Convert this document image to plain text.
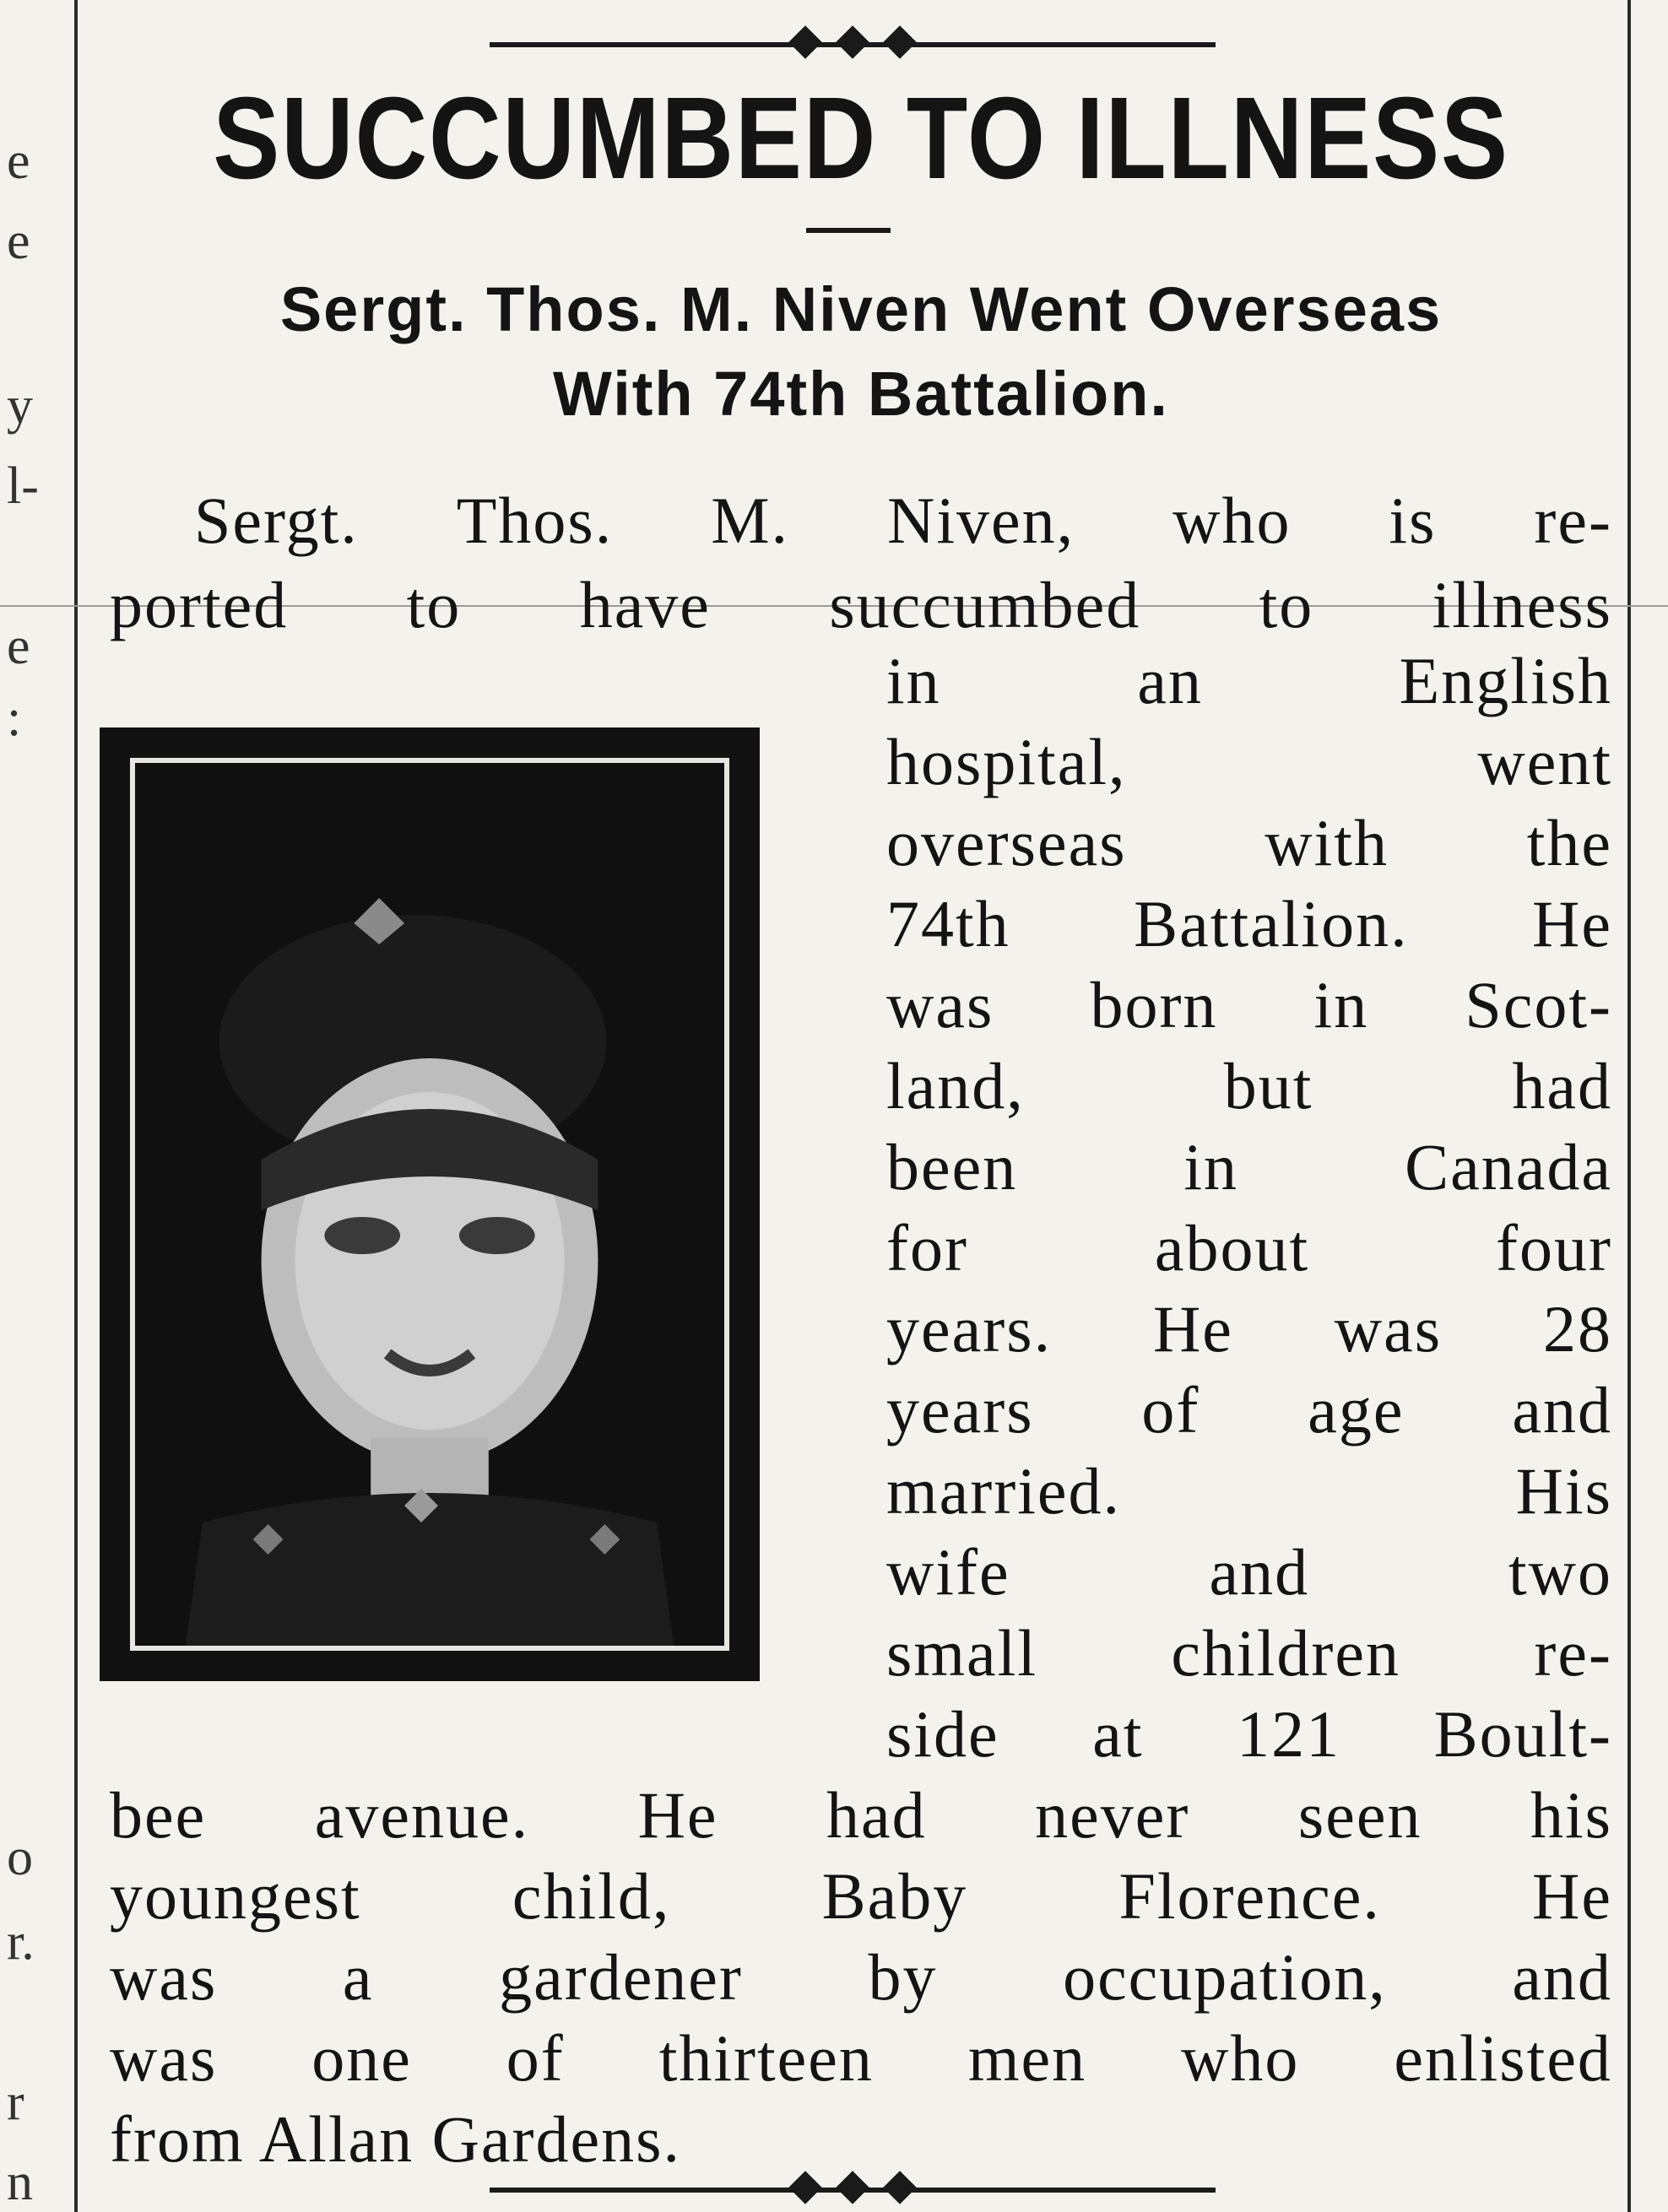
e
e
y
l-
e
:
o
r.
r
n
SUCCUMBED TO ILLNESS
Sergt. Thos. M. Niven Went Overseas
With 74th Battalion.
Sergt. Thos. M. Niven, who is re-
ported to have succumbed to illness
in	an	English
hospital,	went
overseas with the
74th Battalion. He
was born in Scot-
land,	but	had
been	in	Canada
for	about	four
years. He was 28
years of age and
married.	His
wife	and	two
small children re-
side at 121 Boult-
bee avenue. He had never seen his
youngest child, Baby Florence. He
was a gardener by occupation, and
was one of thirteen men who enlisted
from Allan Gardens.
